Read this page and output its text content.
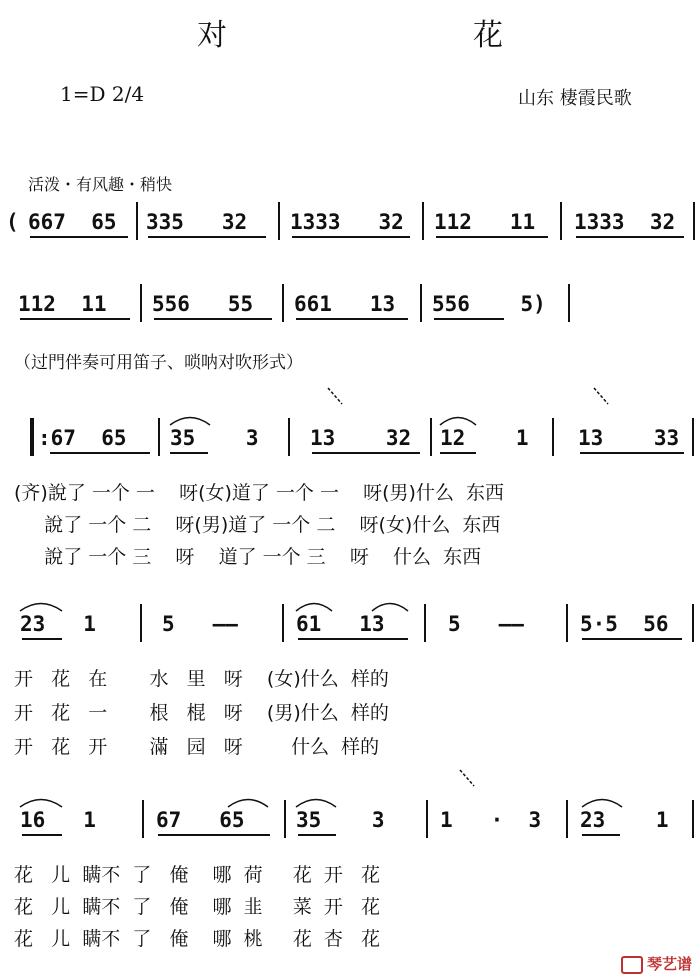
对　　花
1=D 2/4	山东 棲霞民歌
活泼・有风趣・稍快
( 667  65 335   32 1333   32 112   11 1333  32
112  11 556   55 661   13 556    5)
（过門伴奏可用笛子、唢呐对吹形式）
:67  65 35    3 13    32 12    1 13    33
(齐)說了 一个 一    呀(女)道了 一个 一    呀(男)什么  东西
說了 一个 二    呀(男)道了 一个 二    呀(女)什么  东西
說了 一个 三    呀    道了 一个 三    呀    什么  东西
23   1	5   ——	61   13	5   ——	5·5  56
开   花   在       水   里   呀    (女)什么  样的
开   花   一       根   棍   呀    (男)什么  样的
开   花   开       滿   园   呀        什么  样的
16   1	67   65 35    3	1   ·  3 23    1
花   儿  瞒不  了   俺    哪  荷     花  开   花
花   儿  瞒不  了   俺    哪  韭     菜  开   花
花   儿  瞒不  了   俺    哪  桃     花  杏   花
琴艺谱
